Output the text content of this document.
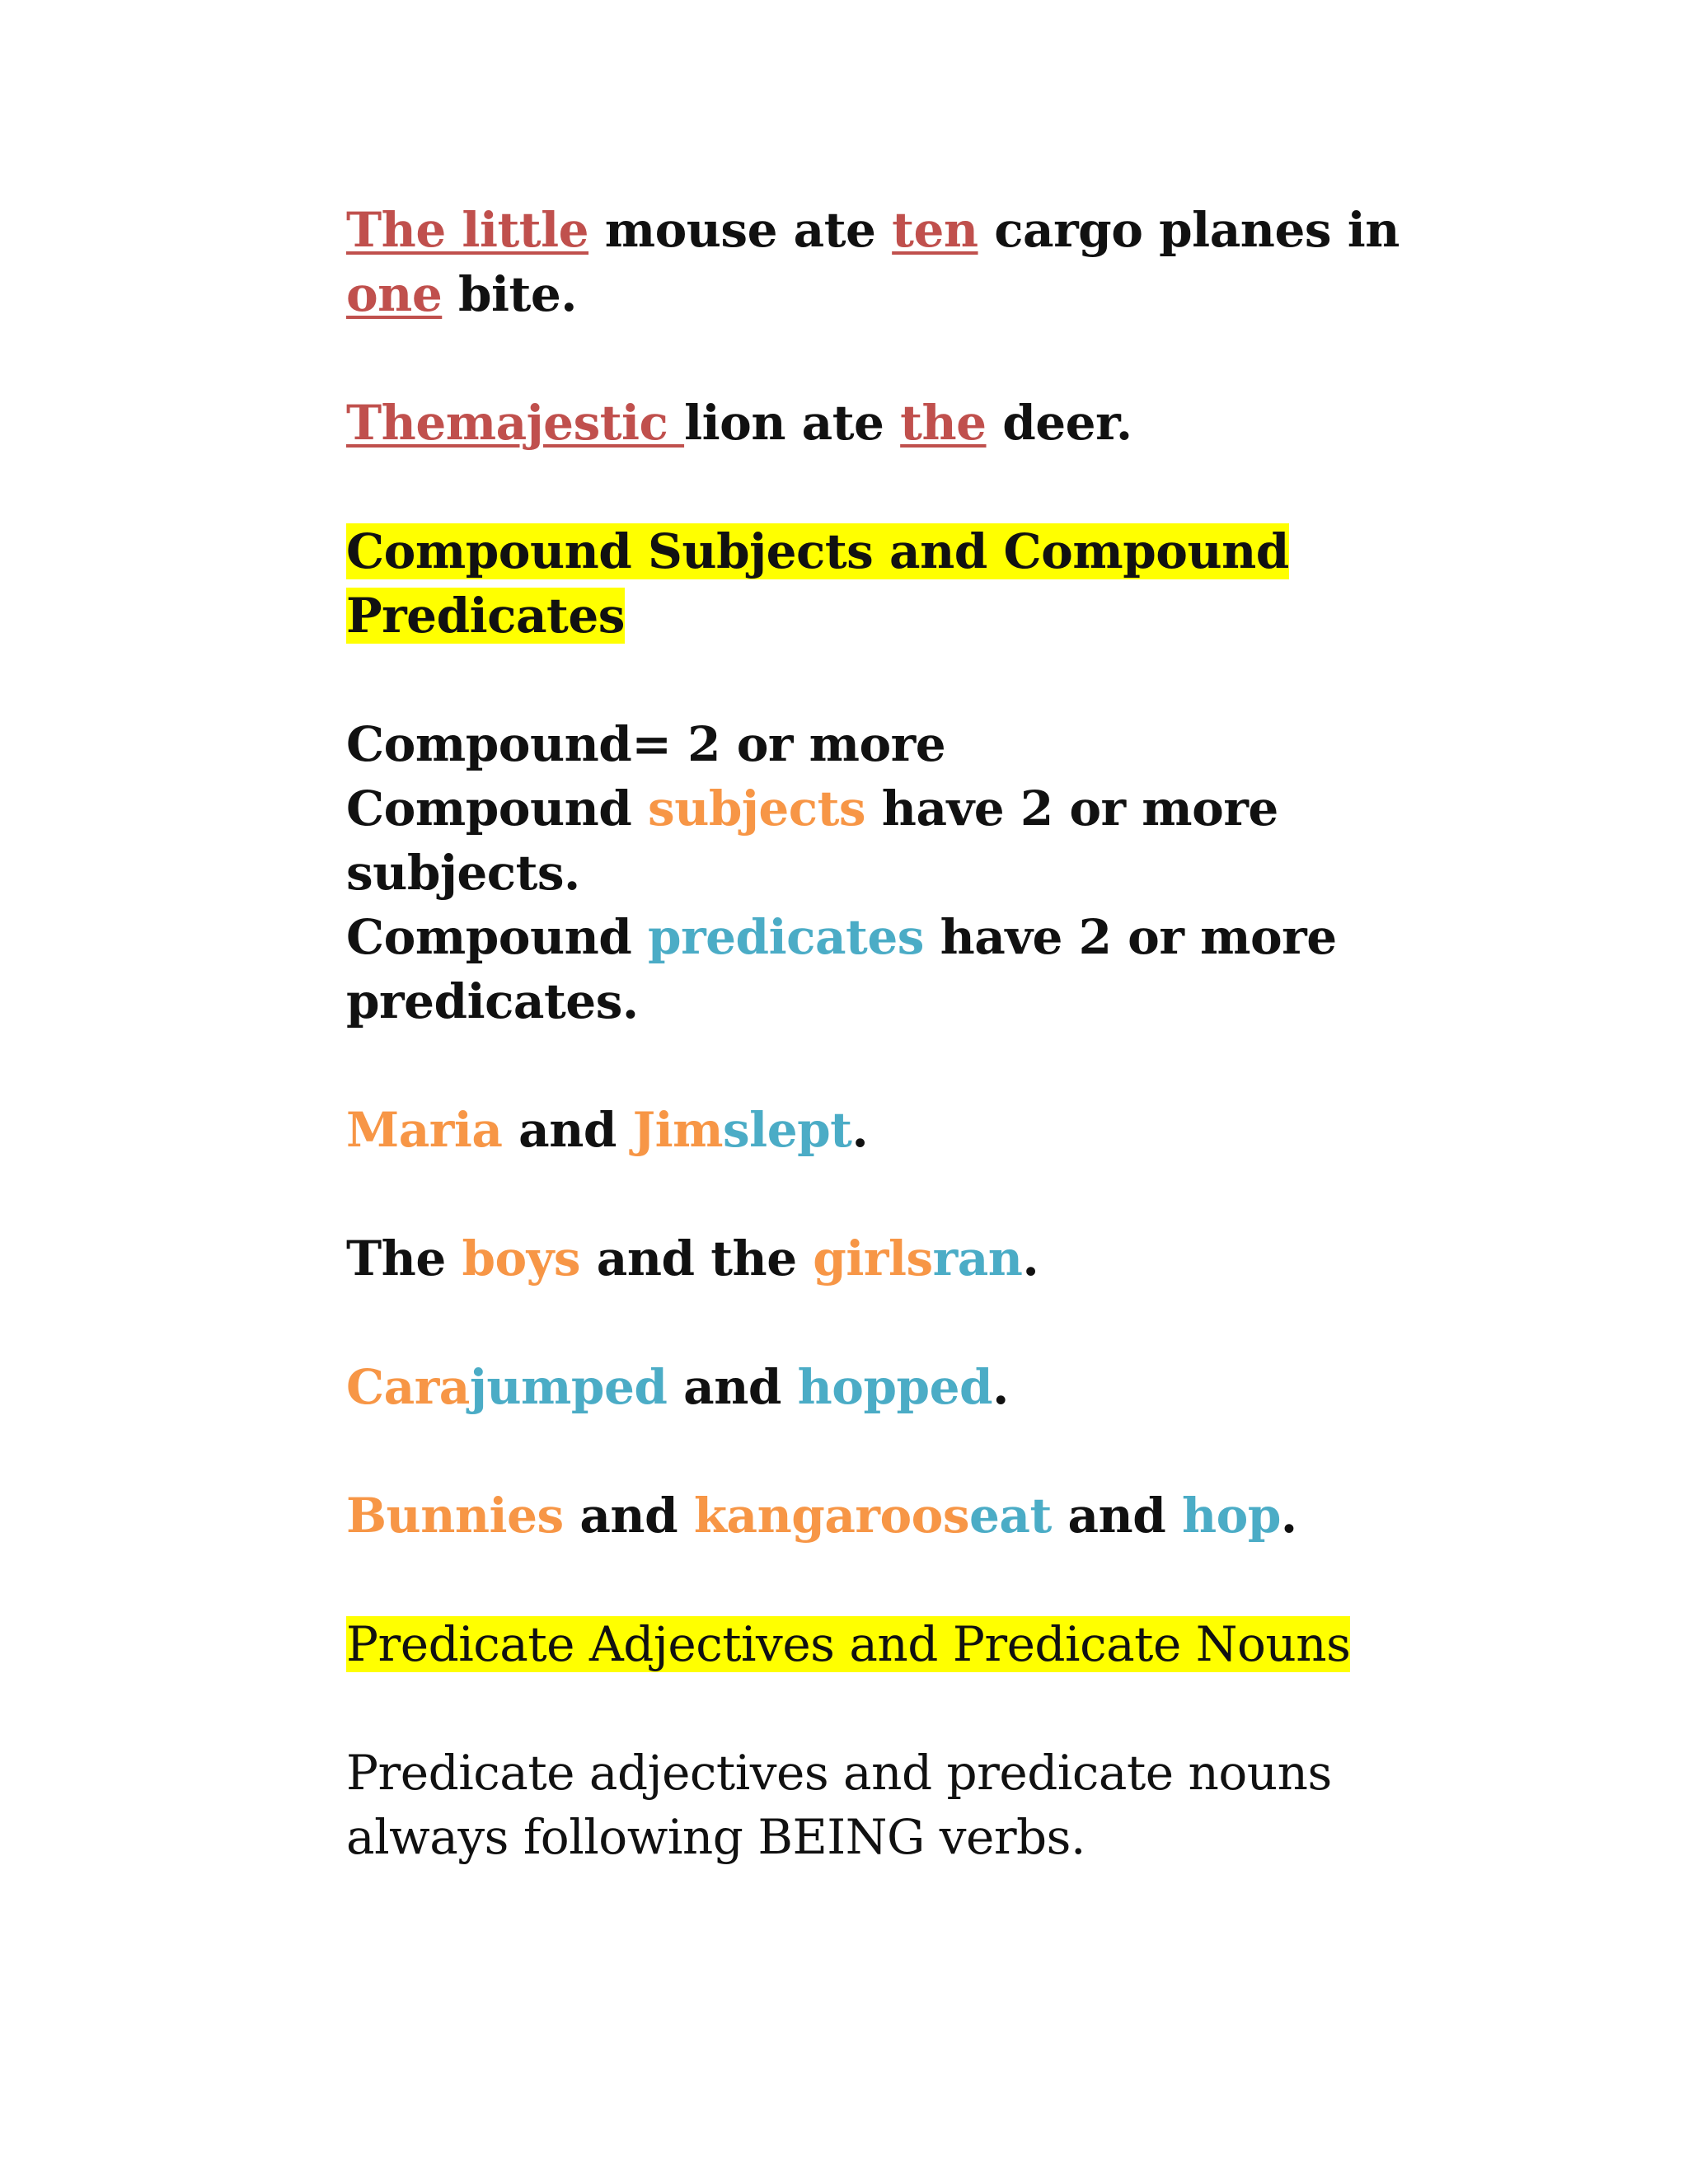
The little mouse ate ten cargo planes in
one bite.

Themajestic lion ate the deer.

Compound Subjects and Compound
Predicates

Compound= 2 or more
Compound subjects have 2 or more
subjects.
Compound predicates have 2 or more
predicates.

Maria and Jimslept.

The boys and the girlsran.

Carajumped and hopped.

Bunnies and kangarooseat and hop.

Predicate Adjectives and Predicate Nouns

Predicate adjectives and predicate nouns
always following BEING verbs.
